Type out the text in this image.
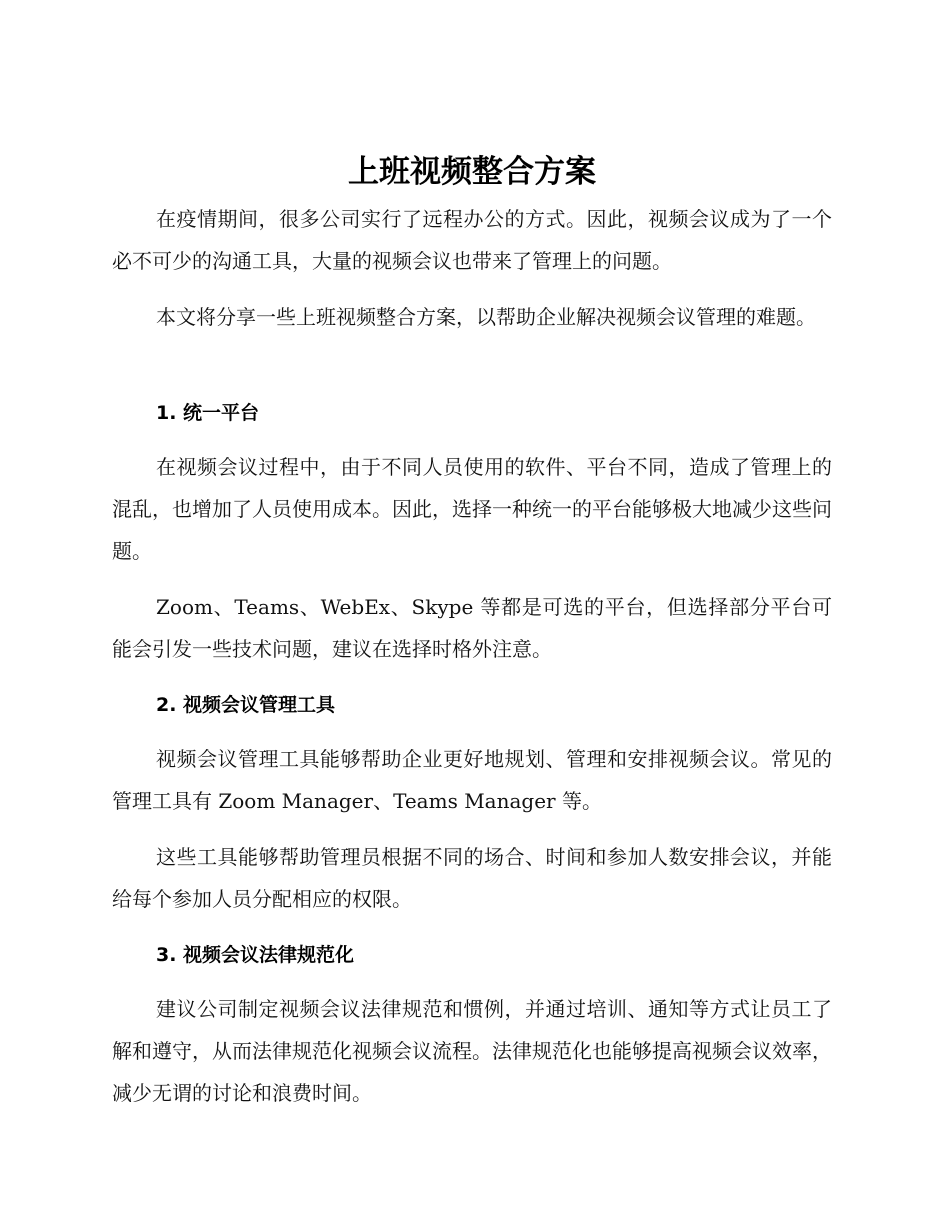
上班视频整合方案

在疫情期间，很多公司实行了远程办公的方式。因此，视频会议成为了一个必不可少的沟通工具，大量的视频会议也带来了管理上的问题。

本文将分享一些上班视频整合方案，以帮助企业解决视频会议管理的难题。

1. 统一平台

在视频会议过程中，由于不同人员使用的软件、平台不同，造成了管理上的混乱，也增加了人员使用成本。因此，选择一种统一的平台能够极大地减少这些问题。

Zoom、Teams、WebEx、Skype 等都是可选的平台，但选择部分平台可能会引发一些技术问题，建议在选择时格外注意。

2. 视频会议管理工具

视频会议管理工具能够帮助企业更好地规划、管理和安排视频会议。常见的管理工具有 Zoom Manager、Teams Manager 等。

这些工具能够帮助管理员根据不同的场合、时间和参加人数安排会议，并能给每个参加人员分配相应的权限。

3. 视频会议法律规范化

建议公司制定视频会议法律规范和惯例，并通过培训、通知等方式让员工了解和遵守，从而法律规范化视频会议流程。法律规范化也能够提高视频会议效率，减少无谓的讨论和浪费时间。
